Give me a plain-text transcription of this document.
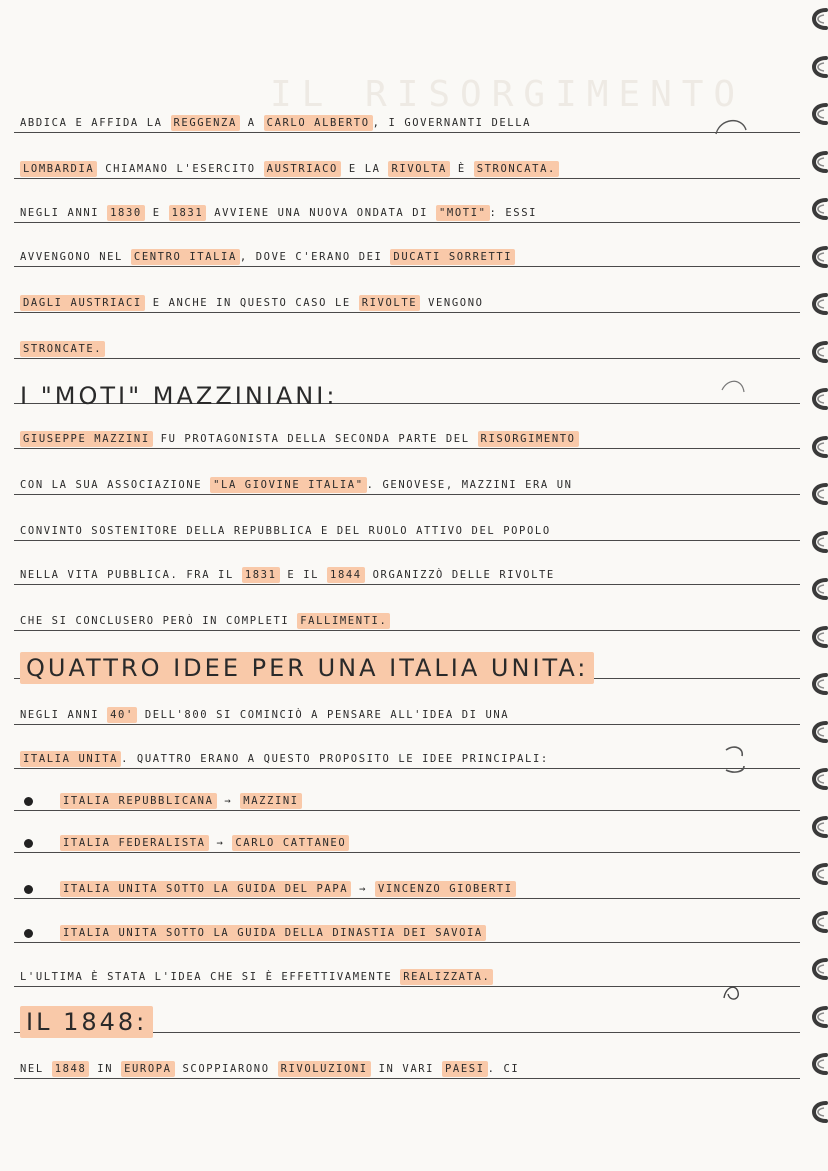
IL RISORGIMENTO
ABDICA E AFFIDA LA REGGENZA A CARLO ALBERTO , I GOVERNANTI DELLA
LOMBARDIA CHIAMANO L'ESERCITO AUSTRIACO E LA RIVOLTA È STRONCATA.
NEGLI ANNI 1830 E 1831 AVVIENE UNA NUOVA ONDATA DI "MOTI" : ESSI
AVVENGONO NEL CENTRO ITALIA , DOVE C'ERANO DEI DUCATI SORRETTI
DAGLI AUSTRIACI E ANCHE IN QUESTO CASO LE RIVOLTE VENGONO
STRONCATE.
I "MOTI" MAZZINIANI:
GIUSEPPE MAZZINI FU PROTAGONISTA DELLA SECONDA PARTE DEL RISORGIMENTO
CON LA SUA ASSOCIAZIONE "LA GIOVINE ITALIA" . GENOVESE, MAZZINI ERA UN
CONVINTO SOSTENITORE DELLA REPUBBLICA E DEL RUOLO ATTIVO DEL POPOLO
NELLA VITA PUBBLICA. FRA IL 1831 E IL 1844 ORGANIZZÒ DELLE RIVOLTE
CHE SI CONCLUSERO PERÒ IN COMPLETI FALLIMENTI.
QUATTRO IDEE PER UNA ITALIA UNITA:
NEGLI ANNI 40' DELL'800 SI COMINCIÒ A PENSARE ALL'IDEA DI UNA
ITALIA UNITA . QUATTRO ERANO A QUESTO PROPOSITO LE IDEE PRINCIPALI:
ITALIA REPUBBLICANA → MAZZINI
ITALIA FEDERALISTA → CARLO CATTANEO
ITALIA UNITA SOTTO LA GUIDA DEL PAPA → VINCENZO GIOBERTI
ITALIA UNITA SOTTO LA GUIDA DELLA DINASTIA DEI SAVOIA
L'ULTIMA È STATA L'IDEA CHE SI È EFFETTIVAMENTE REALIZZATA.
IL 1848:
NEL 1848 IN EUROPA SCOPPIARONO RIVOLUZIONI IN VARI PAESI . CI
